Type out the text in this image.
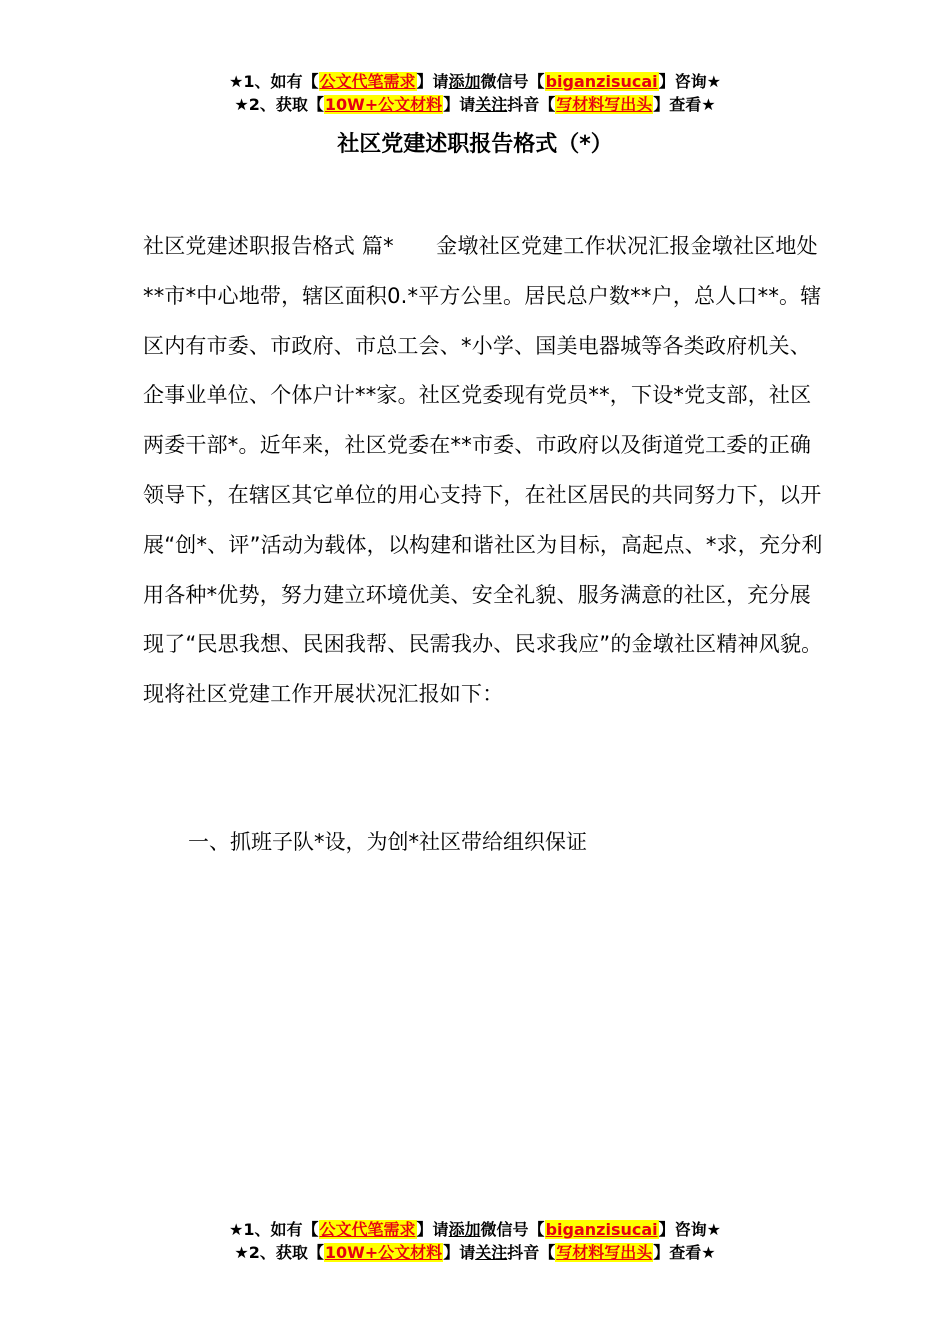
★1、如有【公文代笔需求】请添加微信号【biganzisucai】咨询★
★2、获取【10W+公文材料】请关注抖音【写材料写出头】查看★
社区党建述职报告格式（*）
社区党建述职报告格式 篇*　　金墩社区党建工作状况汇报金墩社区地处**市*中心地带，辖区面积0.*平方公里。居民总户数**户，总人口**。辖区内有市委、市政府、市总工会、*小学、国美电器城等各类政府机关、企事业单位、个体户计**家。社区党委现有党员**，下设*党支部，社区两委干部*。近年来，社区党委在**市委、市政府以及街道党工委的正确领导下，在辖区其它单位的用心支持下，在社区居民的共同努力下，以开展“创*、评”活动为载体，以构建和谐社区为目标，高起点、*求，充分利用各种*优势，努力建立环境优美、安全礼貌、服务满意的社区，充分展现了“民思我想、民困我帮、民需我办、民求我应”的金墩社区精神风貌。现将社区党建工作开展状况汇报如下：
一、抓班子队*设，为创*社区带给组织保证
★1、如有【公文代笔需求】请添加微信号【biganzisucai】咨询★
★2、获取【10W+公文材料】请关注抖音【写材料写出头】查看★
